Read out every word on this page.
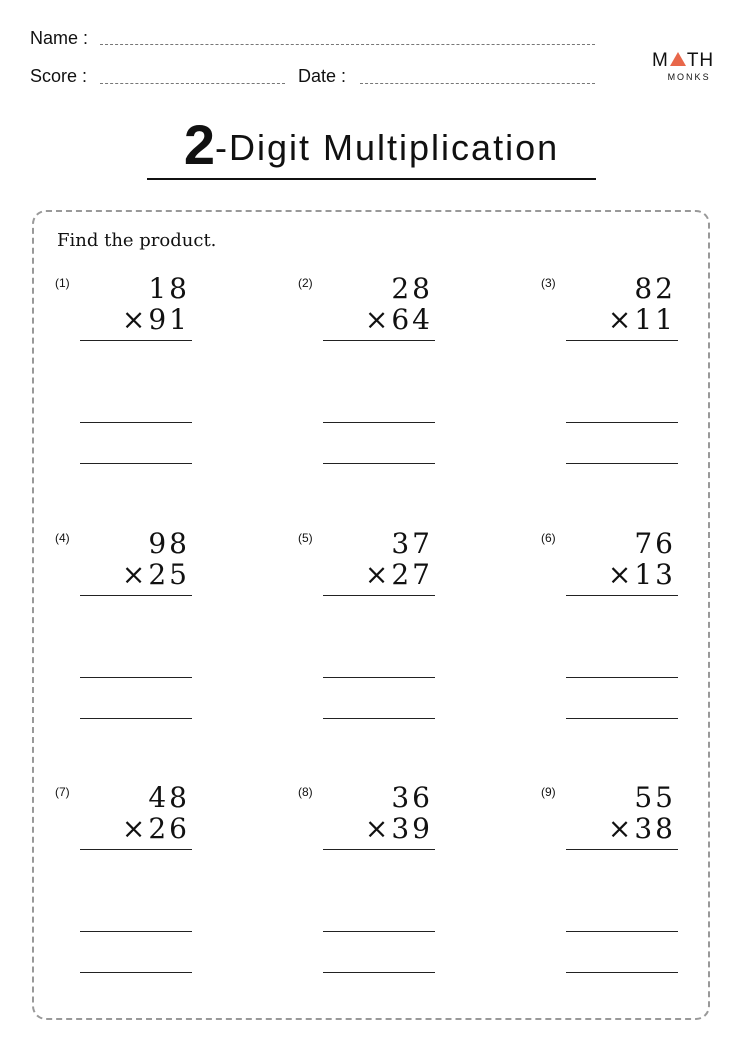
Name :
Score :	Date :
M TH
MONKS
2-Digit Multiplication
Find the product.
(1)	18
×91
(2)	28
×64
(3)	82
×11
(4)	98
×25
(5)	37
×27
(6)	76
×13
(7)	48
×26
(8)	36
×39
(9)	55
×38
